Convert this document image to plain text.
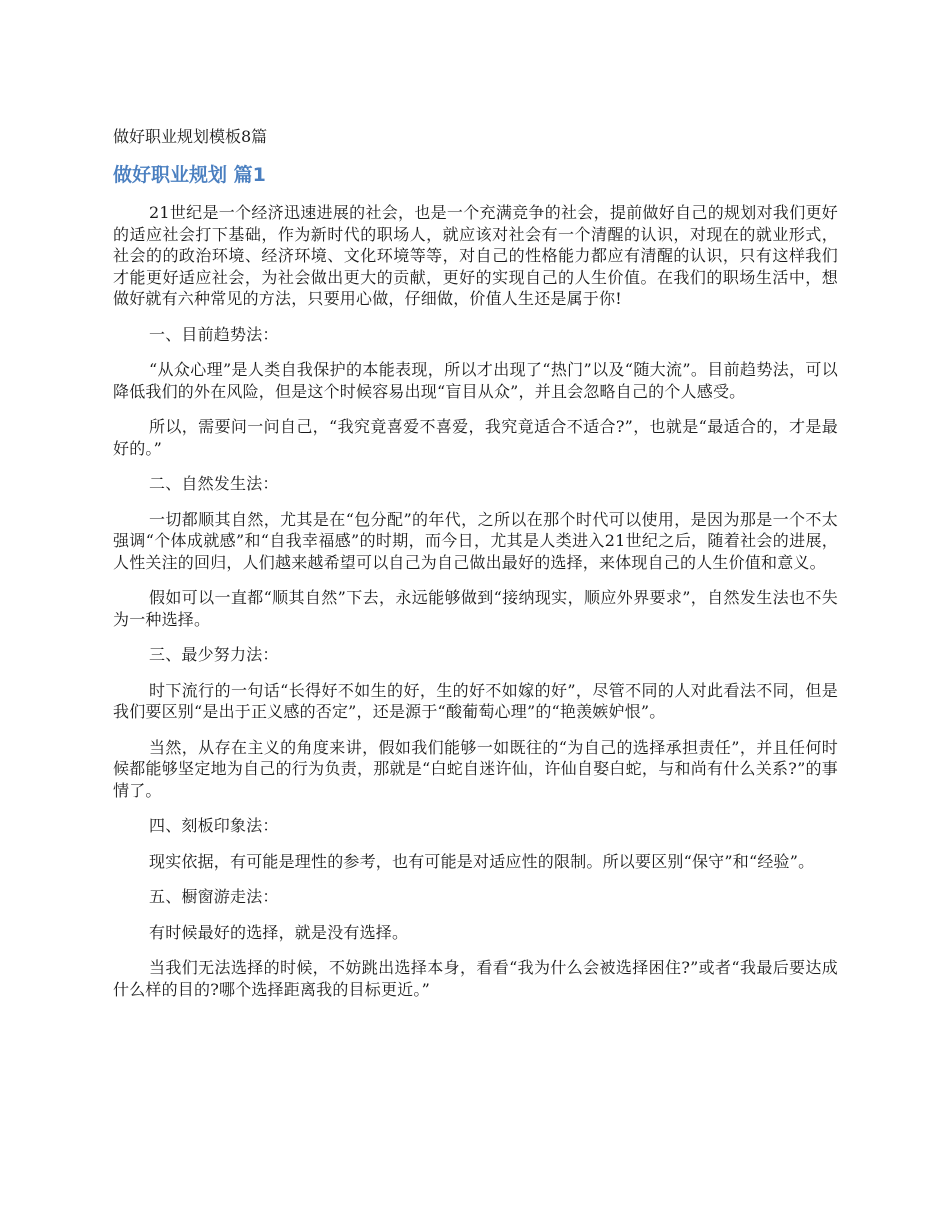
做好职业规划模板8篇
做好职业规划 篇1

21世纪是一个经济迅速进展的社会，也是一个充满竞争的社会，提前做好自己的规划对我们更好的适应社会打下基础，作为新时代的职场人，就应该对社会有一个清醒的认识，对现在的就业形式，社会的的政治环境、经济环境、文化环境等等，对自己的性格能力都应有清醒的认识，只有这样我们才能更好适应社会，为社会做出更大的贡献，更好的实现自己的人生价值。在我们的职场生活中，想做好就有六种常见的方法，只要用心做，仔细做，价值人生还是属于你!

一、目前趋势法：

“从众心理”是人类自我保护的本能表现，所以才出现了“热门”以及“随大流”。目前趋势法，可以降低我们的外在风险，但是这个时候容易出现“盲目从众”，并且会忽略自己的个人感受。

所以，需要问一问自己，“我究竟喜爱不喜爱，我究竟适合不适合?”，也就是“最适合的，才是最好的。”

二、自然发生法：

一切都顺其自然，尤其是在“包分配”的年代，之所以在那个时代可以使用，是因为那是一个不太强调“个体成就感”和“自我幸福感”的时期，而今日，尤其是人类进入21世纪之后，随着社会的进展，人性关注的回归，人们越来越希望可以自己为自己做出最好的选择，来体现自己的人生价值和意义。

假如可以一直都“顺其自然”下去，永远能够做到“接纳现实，顺应外界要求”，自然发生法也不失为一种选择。

三、最少努力法：

时下流行的一句话“长得好不如生的好，生的好不如嫁的好”，尽管不同的人对此看法不同，但是我们要区别“是出于正义感的否定”，还是源于“酸葡萄心理”的“艳羡嫉妒恨”。

当然，从存在主义的角度来讲，假如我们能够一如既往的“为自己的选择承担责任”，并且任何时候都能够坚定地为自己的行为负责，那就是“白蛇自迷许仙，许仙自娶白蛇，与和尚有什么关系?”的事情了。

四、刻板印象法：

现实依据，有可能是理性的参考，也有可能是对适应性的限制。所以要区别“保守”和“经验”。

五、橱窗游走法：

有时候最好的选择，就是没有选择。

当我们无法选择的时候，不妨跳出选择本身，看看“我为什么会被选择困住?”或者“我最后要达成什么样的目的?哪个选择距离我的目标更近。”
